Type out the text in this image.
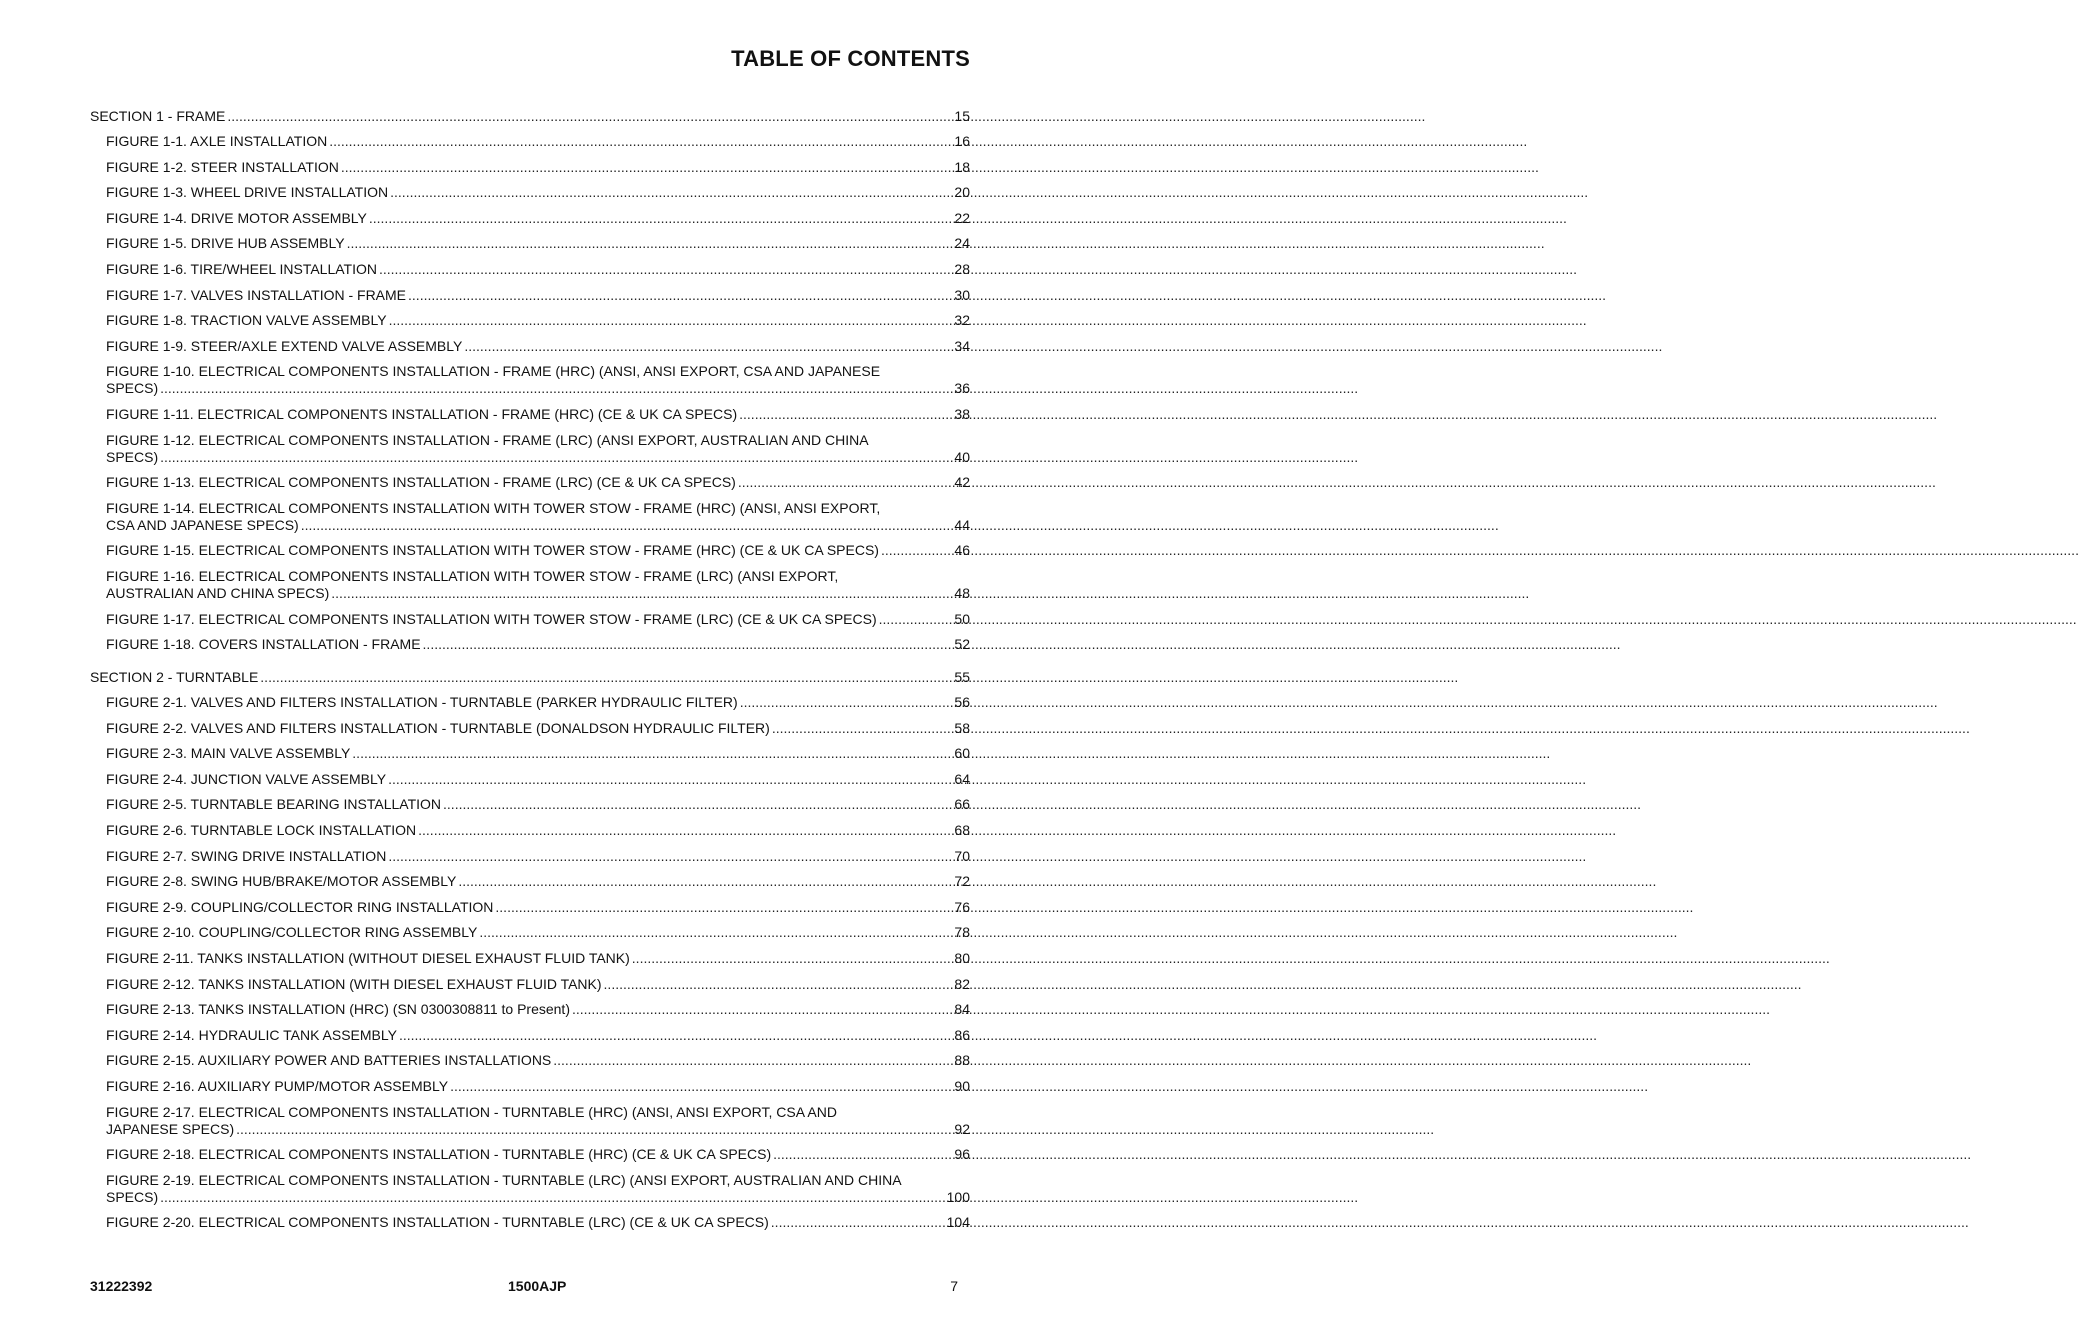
TABLE OF CONTENTS
SECTION 1 - FRAME .....	15
FIGURE 1-1. AXLE INSTALLATION .....	16
FIGURE 1-2. STEER INSTALLATION .....	18
FIGURE 1-3. WHEEL DRIVE INSTALLATION .....	20
FIGURE 1-4. DRIVE MOTOR ASSEMBLY .....	22
FIGURE 1-5. DRIVE HUB ASSEMBLY .....	24
FIGURE 1-6. TIRE/WHEEL INSTALLATION .....	28
FIGURE 1-7. VALVES INSTALLATION - FRAME .....	30
FIGURE 1-8. TRACTION VALVE ASSEMBLY .....	32
FIGURE 1-9. STEER/AXLE EXTEND VALVE ASSEMBLY .....	34
FIGURE 1-10. ELECTRICAL COMPONENTS INSTALLATION - FRAME (HRC) (ANSI, ANSI EXPORT, CSA AND JAPANESE
SPECS) .....	36
FIGURE 1-11. ELECTRICAL COMPONENTS INSTALLATION - FRAME (HRC) (CE & UK CA SPECS) .....	38
FIGURE 1-12. ELECTRICAL COMPONENTS INSTALLATION - FRAME (LRC) (ANSI EXPORT, AUSTRALIAN AND CHINA
SPECS) .....	40
FIGURE 1-13. ELECTRICAL COMPONENTS INSTALLATION - FRAME (LRC) (CE & UK CA SPECS) .....	42
FIGURE 1-14. ELECTRICAL COMPONENTS INSTALLATION WITH TOWER STOW - FRAME (HRC) (ANSI, ANSI EXPORT,
CSA AND JAPANESE SPECS) .....	44
FIGURE 1-15. ELECTRICAL COMPONENTS INSTALLATION WITH TOWER STOW - FRAME (HRC) (CE & UK CA SPECS) .....	46
FIGURE 1-16. ELECTRICAL COMPONENTS INSTALLATION WITH TOWER STOW - FRAME (LRC) (ANSI EXPORT,
AUSTRALIAN AND CHINA SPECS) .....	48
FIGURE 1-17. ELECTRICAL COMPONENTS INSTALLATION WITH TOWER STOW - FRAME (LRC) (CE & UK CA SPECS) .....	50
FIGURE 1-18. COVERS INSTALLATION - FRAME .....	52
SECTION 2 - TURNTABLE .....	55
FIGURE 2-1. VALVES AND FILTERS INSTALLATION - TURNTABLE (PARKER HYDRAULIC FILTER) .....	56
FIGURE 2-2. VALVES AND FILTERS INSTALLATION - TURNTABLE (DONALDSON HYDRAULIC FILTER) .....	58
FIGURE 2-3. MAIN VALVE ASSEMBLY .....	60
FIGURE 2-4. JUNCTION VALVE ASSEMBLY .....	64
FIGURE 2-5. TURNTABLE BEARING INSTALLATION .....	66
FIGURE 2-6. TURNTABLE LOCK INSTALLATION .....	68
FIGURE 2-7. SWING DRIVE INSTALLATION .....	70
FIGURE 2-8. SWING HUB/BRAKE/MOTOR ASSEMBLY .....	72
FIGURE 2-9. COUPLING/COLLECTOR RING INSTALLATION .....	76
FIGURE 2-10. COUPLING/COLLECTOR RING ASSEMBLY .....	78
FIGURE 2-11. TANKS INSTALLATION (WITHOUT DIESEL EXHAUST FLUID TANK) .....	80
FIGURE 2-12. TANKS INSTALLATION (WITH DIESEL EXHAUST FLUID TANK) .....	82
FIGURE 2-13. TANKS INSTALLATION (HRC) (SN 0300308811 to Present) .....	84
FIGURE 2-14. HYDRAULIC TANK ASSEMBLY .....	86
FIGURE 2-15. AUXILIARY POWER AND BATTERIES INSTALLATIONS .....	88
FIGURE 2-16. AUXILIARY PUMP/MOTOR ASSEMBLY .....	90
FIGURE 2-17. ELECTRICAL COMPONENTS INSTALLATION - TURNTABLE (HRC) (ANSI, ANSI EXPORT, CSA AND
JAPANESE SPECS) .....	92
FIGURE 2-18. ELECTRICAL COMPONENTS INSTALLATION - TURNTABLE (HRC) (CE & UK CA SPECS) .....	96
FIGURE 2-19. ELECTRICAL COMPONENTS INSTALLATION - TURNTABLE (LRC) (ANSI EXPORT, AUSTRALIAN AND CHINA
SPECS) .....	100
FIGURE 2-20. ELECTRICAL COMPONENTS INSTALLATION - TURNTABLE (LRC) (CE & UK CA SPECS) .....	104
31222392	1500AJP	7
